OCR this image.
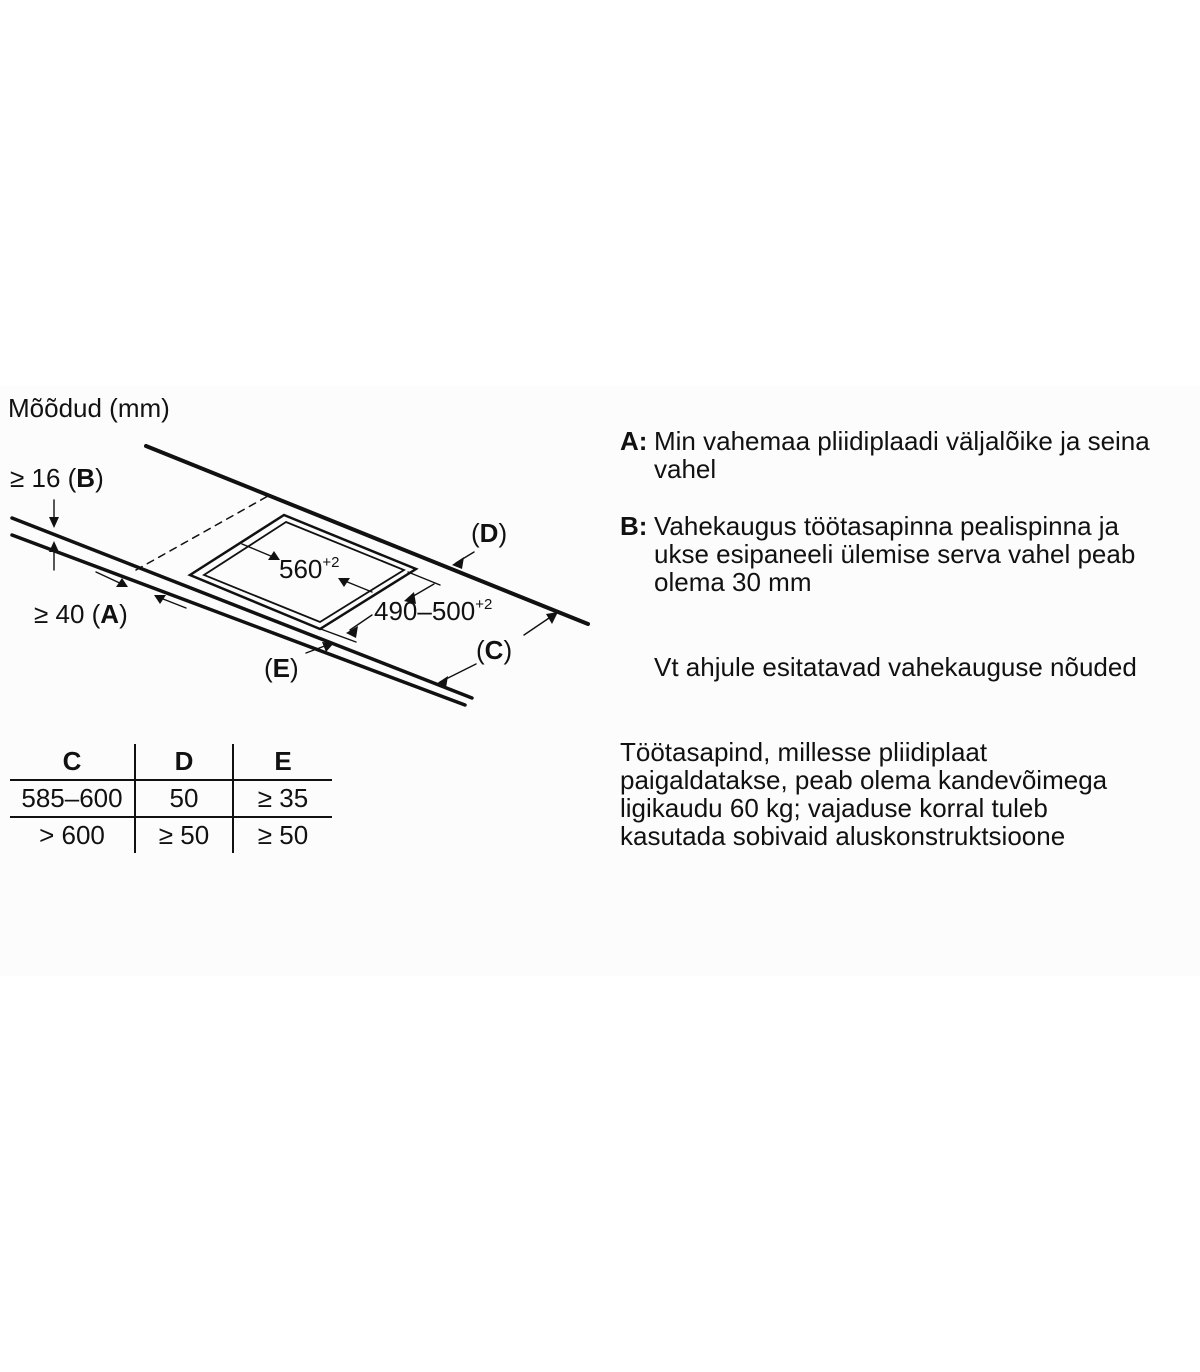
Mõõdud (mm)
≥ 16 (B)
≥ 40 (A)
(D)
(C)
(E)
$560^{+2}$
$490-500^{+2}$
A: Min vahemaa pliidiplaadi väljalõike ja seina vahel
B: Vahekaugus töötasapinna pealispinna ja ukse esipaneeli ülemise serva vahel peab olema 30 mm
Vt ahjule esitatavad vahekauguse nõuded
Töötasapind, millesse pliidiplaat paigaldatakse, peab olema kandevõimega ligikaudu 60 kg; vajaduse korral tuleb kasutada sobivaid aluskonstruktsioone
C	D	E
585–600	50	≥ 35
> 600	≥ 50	≥ 50
